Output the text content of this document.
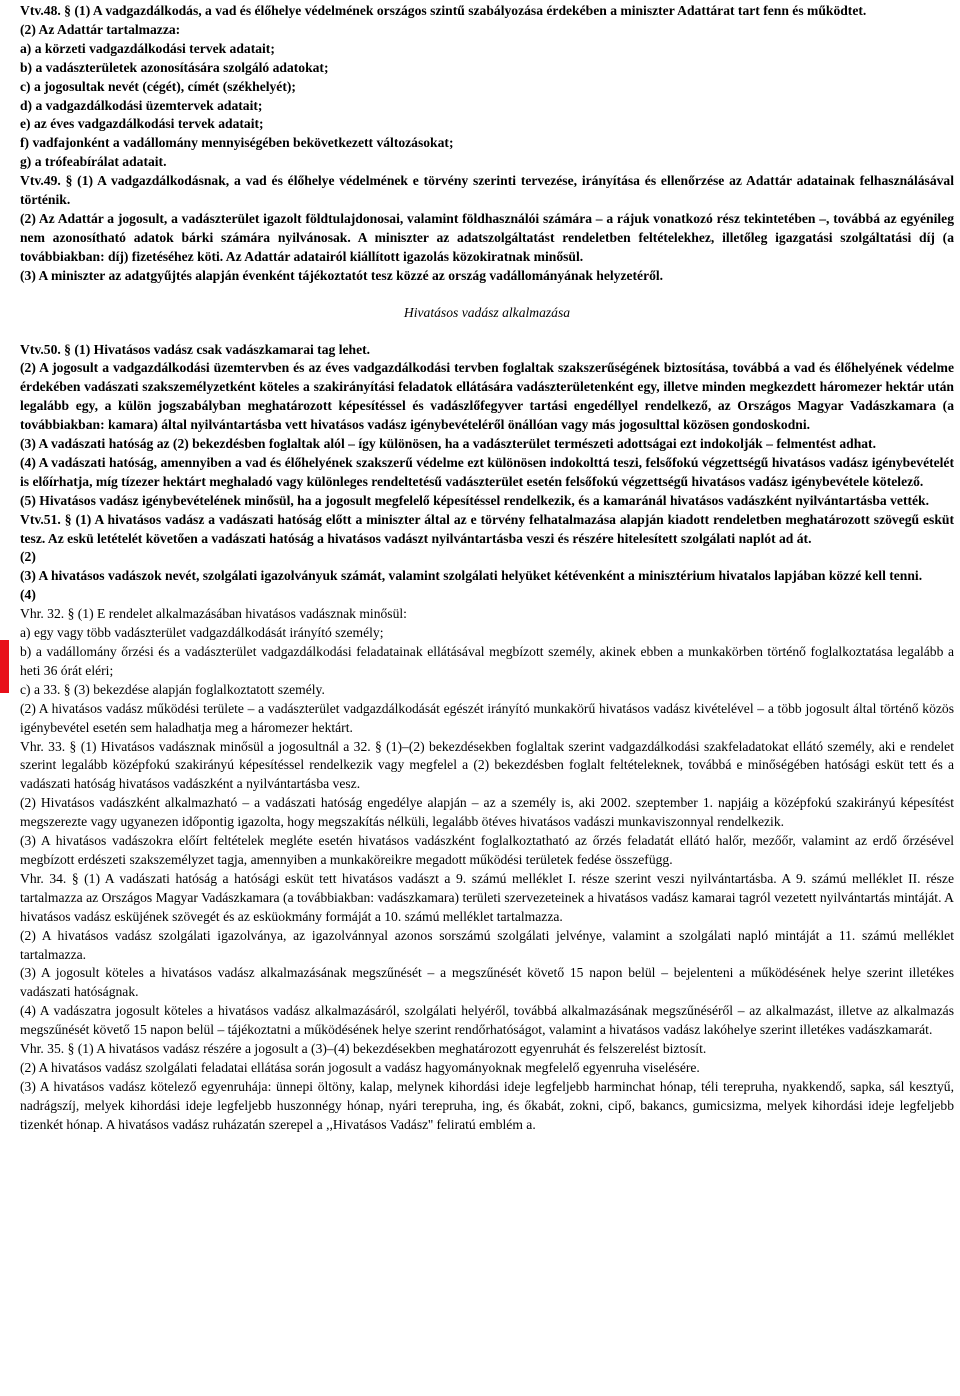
Vtv.48. § (1) A vadgazdálkodás, a vad és élőhelye védelmének országos szintű szabályozása érdekében a miniszter Adattárat tart fenn és működtet.

(2) Az Adattár tartalmazza:

a) a körzeti vadgazdálkodási tervek adatait;

b) a vadászterületek azonosítására szolgáló adatokat;

c) a jogosultak nevét (cégét), címét (székhelyét);

d) a vadgazdálkodási üzemtervek adatait;

e) az éves vadgazdálkodási tervek adatait;

f) vadfajonként a vadállomány mennyiségében bekövetkezett változásokat;

g) a trófeabírálat adatait.

Vtv.49. § (1) A vadgazdálkodásnak, a vad és élőhelye védelmének e törvény szerinti tervezése, irányítása és ellenőrzése az Adattár adatainak felhasználásával történik.

(2) Az Adattár a jogosult, a vadászterület igazolt földtulajdonosai, valamint földhasználói számára – a rájuk vonatkozó rész tekintetében –, továbbá az egyénileg nem azonosítható adatok bárki számára nyilvánosak. A miniszter az adatszolgáltatást rendeletben feltételekhez, illetőleg igazgatási szolgáltatási díj (a továbbiakban: díj) fizetéséhez köti. Az Adattár adatairól kiállított igazolás közokiratnak minősül.

(3) A miniszter az adatgyűjtés alapján évenként tájékoztatót tesz közzé az ország vadállományának helyzetéről.

Hivatásos vadász alkalmazása

Vtv.50. § (1) Hivatásos vadász csak vadászkamarai tag lehet.

(2) A jogosult a vadgazdálkodási üzemtervben és az éves vadgazdálkodási tervben foglaltak szakszerűségének biztosítása, továbbá a vad és élőhelyének védelme érdekében vadászati szakszemélyzetként köteles a szakirányítási feladatok ellátására vadászterületenként egy, illetve minden megkezdett háromezer hektár után legalább egy, a külön jogszabályban meghatározott képesítéssel és vadászlőfegyver tartási engedéllyel rendelkező, az Országos Magyar Vadászkamara (a továbbiakban: kamara) által nyilvántartásba vett hivatásos vadász igénybevételéről önállóan vagy más jogosulttal közösen gondoskodni.

(3) A vadászati hatóság az (2) bekezdésben foglaltak alól – így különösen, ha a vadászterület természeti adottságai ezt indokolják – felmentést adhat.

(4) A vadászati hatóság, amennyiben a vad és élőhelyének szakszerű védelme ezt különösen indokolttá teszi, felsőfokú végzettségű hivatásos vadász igénybevételét is előírhatja, míg tízezer hektárt meghaladó vagy különleges rendeltetésű vadászterület esetén felsőfokú végzettségű hivatásos vadász igénybevétele kötelező.

(5) Hivatásos vadász igénybevételének minősül, ha a jogosult megfelelő képesítéssel rendelkezik, és a kamaránál hivatásos vadászként nyilvántartásba vették.

Vtv.51. § (1) A hivatásos vadász a vadászati hatóság előtt a miniszter által az e törvény felhatalmazása alapján kiadott rendeletben meghatározott szövegű esküt tesz. Az eskü letételét követően a vadászati hatóság a hivatásos vadászt nyilvántartásba veszi és részére hitelesített szolgálati naplót ad át.

(2)

(3) A hivatásos vadászok nevét, szolgálati igazolványuk számát, valamint szolgálati helyüket kétévenként a minisztérium hivatalos lapjában közzé kell tenni.

(4)

Vhr. 32. § (1) E rendelet alkalmazásában hivatásos vadásznak minősül:

a) egy vagy több vadászterület vadgazdálkodását irányító személy;

b) a vadállomány őrzési és a vadászterület vadgazdálkodási feladatainak ellátásával megbízott személy, akinek ebben a munkakörben történő foglalkoztatása legalább a heti 36 órát eléri;

c) a 33. § (3) bekezdése alapján foglalkoztatott személy.

(2) A hivatásos vadász működési területe – a vadászterület vadgazdálkodását egészét irányító munkakörű hivatásos vadász kivételével – a több jogosult által történő közös igénybevétel esetén sem haladhatja meg a háromezer hektárt.

Vhr. 33. § (1) Hivatásos vadásznak minősül a jogosultnál a 32. § (1)–(2) bekezdésekben foglaltak szerint vadgazdálkodási szakfeladatokat ellátó személy, aki e rendelet szerint legalább középfokú szakirányú képesítéssel rendelkezik vagy megfelel a (2) bekezdésben foglalt feltételeknek, továbbá e minőségében hatósági esküt tett és a vadászati hatóság hivatásos vadászként a nyilvántartásba vesz.

(2) Hivatásos vadászként alkalmazható – a vadászati hatóság engedélye alapján – az a személy is, aki 2002. szeptember 1. napjáig a középfokú szakirányú képesítést megszerezte vagy ugyanezen időpontig igazolta, hogy megszakítás nélküli, legalább ötéves hivatásos vadászi munkaviszonnyal rendelkezik.

(3) A hivatásos vadászokra előírt feltételek megléte esetén hivatásos vadászként foglalkoztatható az őrzés feladatát ellátó halőr, mezőőr, valamint az erdő őrzésével megbízott erdészeti szakszemélyzet tagja, amennyiben a munkaköreikre megadott működési területek fedése összefügg.

Vhr. 34. § (1) A vadászati hatóság a hatósági esküt tett hivatásos vadászt a 9. számú melléklet I. része szerint veszi nyilvántartásba. A 9. számú melléklet II. része tartalmazza az Országos Magyar Vadászkamara (a továbbiakban: vadászkamara) területi szervezeteinek a hivatásos vadász kamarai tagról vezetett nyilvántartás mintáját. A hivatásos vadász esküjének szövegét és az esküokmány formáját a 10. számú melléklet tartalmazza.

(2) A hivatásos vadász szolgálati igazolványa, az igazolvánnyal azonos sorszámú szolgálati jelvénye, valamint a szolgálati napló mintáját a 11. számú melléklet tartalmazza.

(3) A jogosult köteles a hivatásos vadász alkalmazásának megszűnését – a megszűnését követő 15 napon belül – bejelenteni a működésének helye szerint illetékes vadászati hatóságnak.

(4) A vadászatra jogosult köteles a hivatásos vadász alkalmazásáról, szolgálati helyéről, továbbá alkalmazásának megszűnéséről – az alkalmazást, illetve az alkalmazás megszűnését követő 15 napon belül – tájékoztatni a működésének helye szerint rendőrhatóságot, valamint a hivatásos vadász lakóhelye szerint illetékes vadászkamarát.

Vhr. 35. § (1) A hivatásos vadász részére a jogosult a (3)–(4) bekezdésekben meghatározott egyenruhát és felszerelést biztosít.

(2) A hivatásos vadász szolgálati feladatai ellátása során jogosult a vadász hagyományoknak megfelelő egyenruha viselésére.

(3) A hivatásos vadász kötelező egyenruhája: ünnepi öltöny, kalap, melynek kihordási ideje legfeljebb harminchat hónap, téli terepruha, nyakkendő, sapka, sál kesztyű, nadrágszíj, melyek kihordási ideje legfeljebb huszonnégy hónap, nyári terepruha, ing, és őkabát, zokni, cipő, bakancs, gumicsizma, melyek kihordási ideje legfeljebb tizenkét hónap. A hivatásos vadász ruházatán szerepel a ,,Hivatásos Vadász'' feliratú emblém a.
